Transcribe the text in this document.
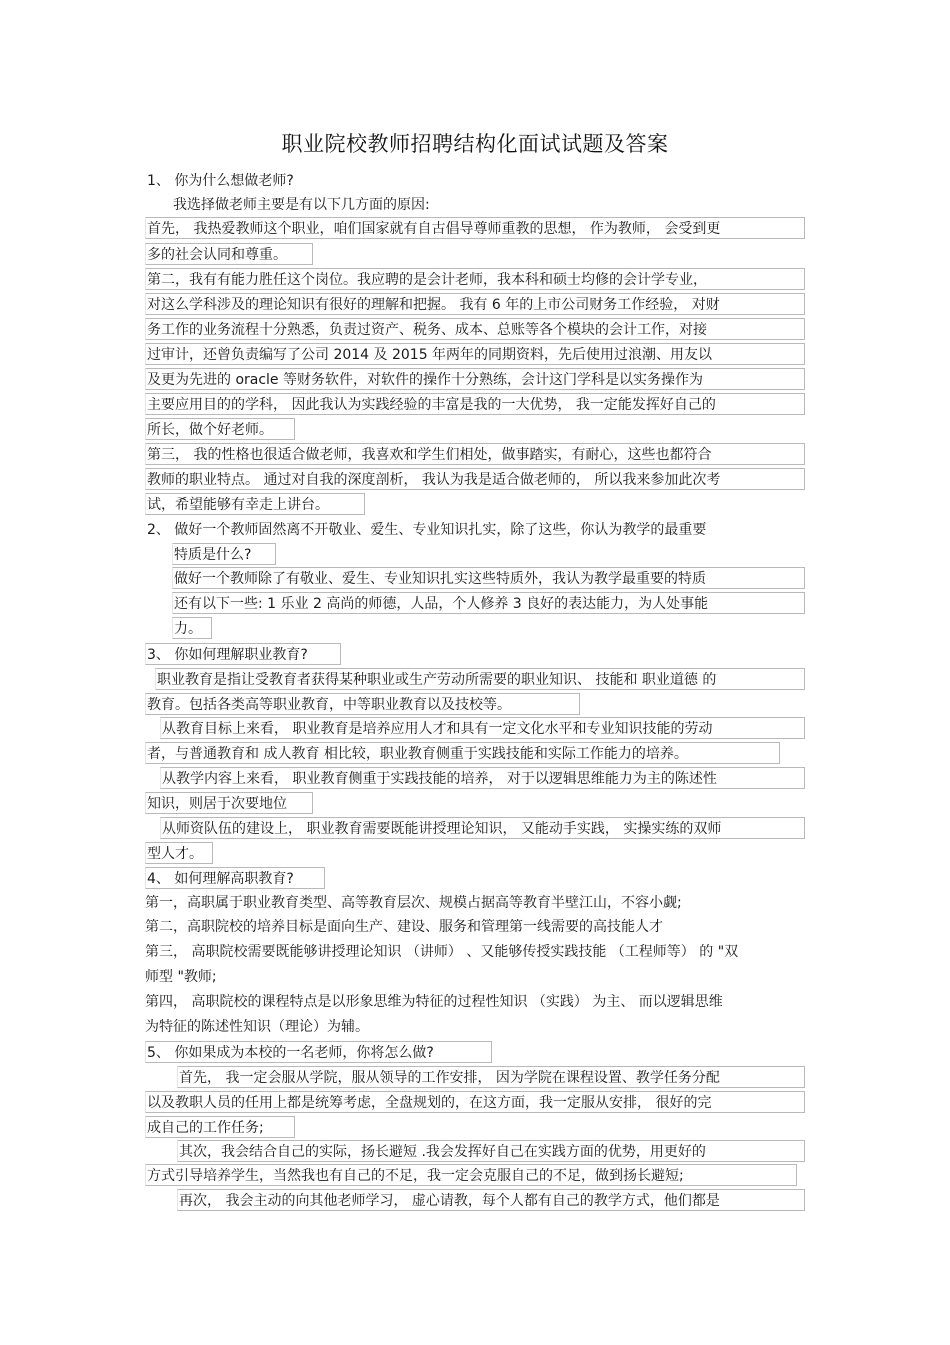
职业院校教师招聘结构化面试试题及答案
1、 你为什么想做老师?
我选择做老师主要是有以下几方面的原因:
首先， 我热爱教师这个职业，咱们国家就有自古倡导尊师重教的思想， 作为教师， 会受到更
多的社会认同和尊重。
第二，我有有能力胜任这个岗位。我应聘的是会计老师，我本科和硕士均修的会计学专业，
对这么学科涉及的理论知识有很好的理解和把握。 我有 6 年的上市公司财务工作经验， 对财
务工作的业务流程十分熟悉，负责过资产、税务、成本、总账等各个模块的会计工作，对接
过审计，还曾负责编写了公司 2014 及 2015 年两年的同期资料，先后使用过浪潮、用友以
及更为先进的 oracle 等财务软件，对软件的操作十分熟练，会计这门学科是以实务操作为
主要应用目的的学科， 因此我认为实践经验的丰富是我的一大优势， 我一定能发挥好自己的
所长，做个好老师。
第三， 我的性格也很适合做老师，我喜欢和学生们相处，做事踏实，有耐心，这些也都符合
教师的职业特点。 通过对自我的深度剖析， 我认为我是适合做老师的， 所以我来参加此次考
试，希望能够有幸走上讲台。
2、 做好一个教师固然离不开敬业、爱生、专业知识扎实，除了这些，你认为教学的最重要
特质是什么?
做好一个教师除了有敬业、爱生、专业知识扎实这些特质外，我认为教学最重要的特质
还有以下一些: 1 乐业 2 高尚的师德，人品，个人修养 3 良好的表达能力，为人处事能
力。
3、 你如何理解职业教育?
职业教育是指让受教育者获得某种职业或生产劳动所需要的职业知识、 技能和 职业道德 的
教育。包括各类高等职业教育，中等职业教育以及技校等。
从教育目标上来看， 职业教育是培养应用人才和具有一定文化水平和专业知识技能的劳动
者，与普通教育和 成人教育 相比较，职业教育侧重于实践技能和实际工作能力的培养。
从教学内容上来看， 职业教育侧重于实践技能的培养， 对于以逻辑思维能力为主的陈述性
知识，则居于次要地位
从师资队伍的建设上， 职业教育需要既能讲授理论知识， 又能动手实践， 实操实练的双师
型人才。
4、 如何理解高职教育?
第一，高职属于职业教育类型、高等教育层次、规模占据高等教育半壁江山，不容小觑;
第二，高职院校的培养目标是面向生产、建设、服务和管理第一线需要的高技能人才
第三， 高职院校需要既能够讲授理论知识 （讲师） 、又能够传授实践技能 （工程师等） 的 "双
师型 "教师;
第四， 高职院校的课程特点是以形象思维为特征的过程性知识 （实践） 为主、 而以逻辑思维
为特征的陈述性知识（理论）为辅。
5、 你如果成为本校的一名老师，你将怎么做?
首先， 我一定会服从学院，服从领导的工作安排， 因为学院在课程设置、教学任务分配
以及教职人员的任用上都是统筹考虑，全盘规划的，在这方面，我一定服从安排， 很好的完
成自己的工作任务;
其次，我会结合自己的实际，扬长避短 .我会发挥好自己在实践方面的优势，用更好的
方式引导培养学生，当然我也有自己的不足，我一定会克服自己的不足，做到扬长避短;
再次， 我会主动的向其他老师学习， 虚心请教，每个人都有自己的教学方式，他们都是
